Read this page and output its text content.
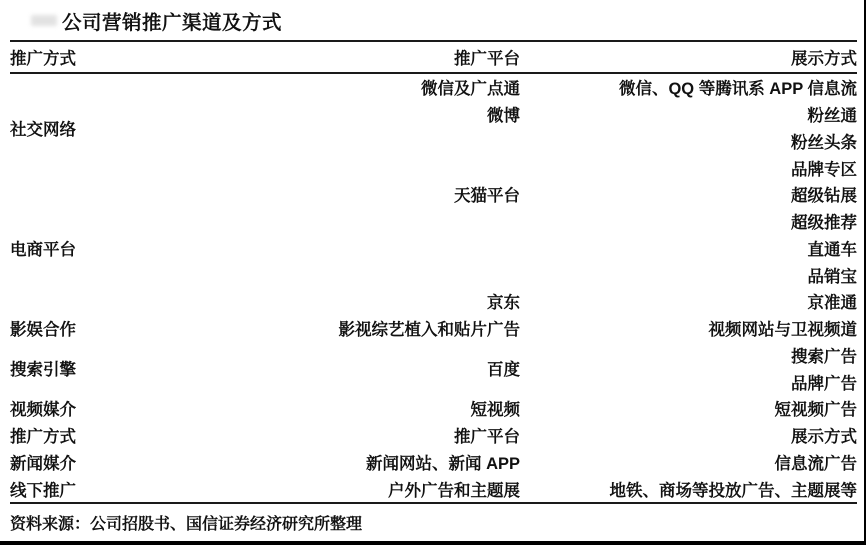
公司营销推广渠道及方式
推广方式	推广平台	展示方式
社交网络
电商平台
影娱合作
搜索引擎
视频媒介
推广方式
新闻媒介
线下推广
微信及广点通
微博
天猫平台
京东
影视综艺植入和贴片广告
百度
短视频
推广平台
新闻网站、新闻 APP
户外广告和主题展
微信、QQ 等腾讯系 APP 信息流
粉丝通
粉丝头条
品牌专区
超级钻展
超级推荐
直通车
品销宝
京准通
视频网站与卫视频道
搜索广告
品牌广告
短视频广告
展示方式
信息流广告
地铁、商场等投放广告、主题展等
资料来源：公司招股书、国信证券经济研究所整理
